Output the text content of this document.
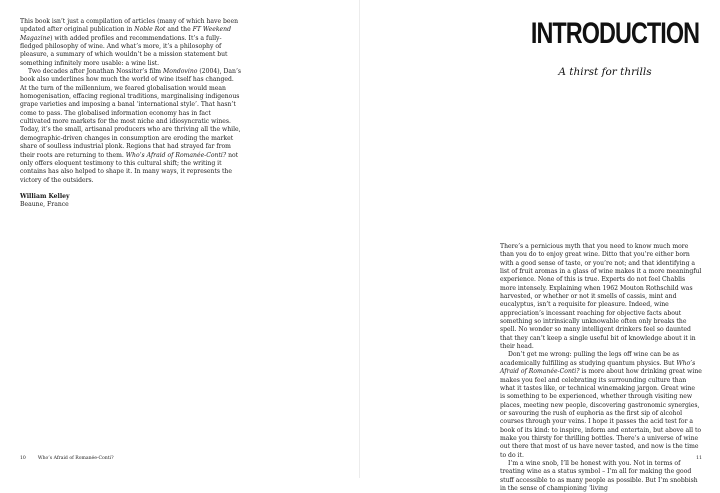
This book isn’t just a compilation of articles (many of which have been updated after original publication in Noble Rot and the FT Weekend Magazine) with added profiles and recommendations. It’s a fully-fledged philosophy of wine. And what’s more, it’s a philosophy of pleasure, a summary of which wouldn’t be a mission statement but something infinitely more usable: a wine list.

Two decades after Jonathan Nossiter’s film Mondovino (2004), Dan’s book also underlines how much the world of wine itself has changed. At the turn of the millennium, we feared globalisation would mean homogenisation, effacing regional traditions, marginalising indigenous grape varieties and imposing a banal ‘international style’. That hasn’t come to pass. The globalised information economy has in fact cultivated more markets for the most niche and idiosyncratic wines. Today, it’s the small, artisanal producers who are thriving all the while, demographic-driven changes in consumption are eroding the market share of soulless industrial plonk. Regions that had strayed far from their roots are returning to them. Who’s Afraid of Romanée-Conti? not only offers eloquent testimony to this cultural shift; the writing it contains has also helped to shape it. In many ways, it represents the victory of the outsiders.

William Kelley
Beaune, France
10	Who’s Afraid of Romanée-Conti?
INTRODUCTION
A thirst for thrills

There’s a pernicious myth that you need to know much more than you do to enjoy great wine. Ditto that you’re either born with a good sense of taste, or you’re not; and that identifying a list of fruit aromas in a glass of wine makes it a more meaningful experience. None of this is true. Experts do not feel Chablis more intensely. Explaining when 1962 Mouton Rothschild was harvested, or whether or not it smells of cassis, mint and eucalyptus, isn’t a requisite for pleasure. Indeed, wine appreciation’s incessant reaching for objective facts about something so intrinsically unknowable often only breaks the spell. No wonder so many intelligent drinkers feel so daunted that they can’t keep a single useful bit of knowledge about it in their head.

Don’t get me wrong: pulling the legs off wine can be as academically fulfilling as studying quantum physics. But Who’s Afraid of Romanée-Conti? is more about how drinking great wine makes you feel and celebrating its surrounding culture than what it tastes like, or technical winemaking jargon. Great wine is something to be experienced, whether through visiting new places, meeting new people, discovering gastronomic synergies, or savouring the rush of euphoria as the first sip of alcohol courses through your veins. I hope it passes the acid test for a book of its kind: to inspire, inform and entertain, but above all to make you thirsty for thrilling bottles. There’s a universe of wine out there that most of us have never tasted, and now is the time to do it.

I’m a wine snob, I’ll be honest with you. Not in terms of treating wine as a status symbol – I’m all for making the good stuff accessible to as many people as possible. But I’m snobbish in the sense of championing ‘living

11
